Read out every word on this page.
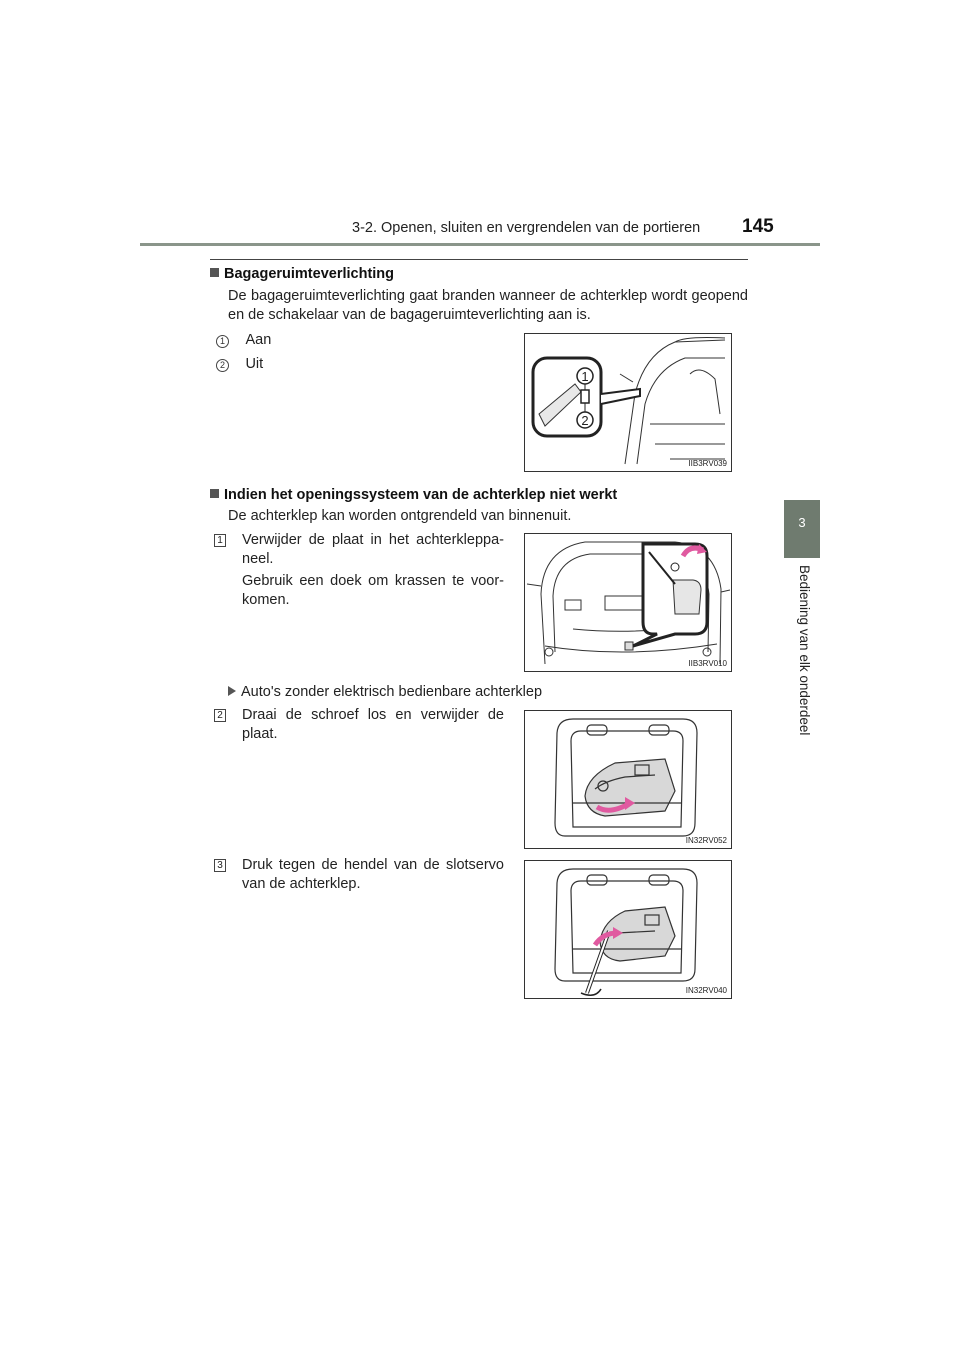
3-2. Openen, sluiten en vergrendelen van de portieren 145
3
Bediening van elk onderdeel
Bagageruimteverlichting
De bagageruimteverlichting gaat branden wanneer de achterklep wordt geopend en de schakelaar van de bagageruimteverlichting aan is.
1 Aan
2 Uit
1
2
IIB3RV039
Indien het openingssysteem van de achterklep niet werkt
De achterklep kan worden ontgrendeld van binnenuit.
1 Verwijder de plaat in het achterkleppa-neel.
Gebruik een doek om krassen te voor-komen.
IIB3RV010
Auto's zonder elektrisch bedienbare achterklep
2 Draai de schroef los en verwijder de plaat.
IN32RV052
3 Druk tegen de hendel van de slotservo van de achterklep.
IN32RV040
